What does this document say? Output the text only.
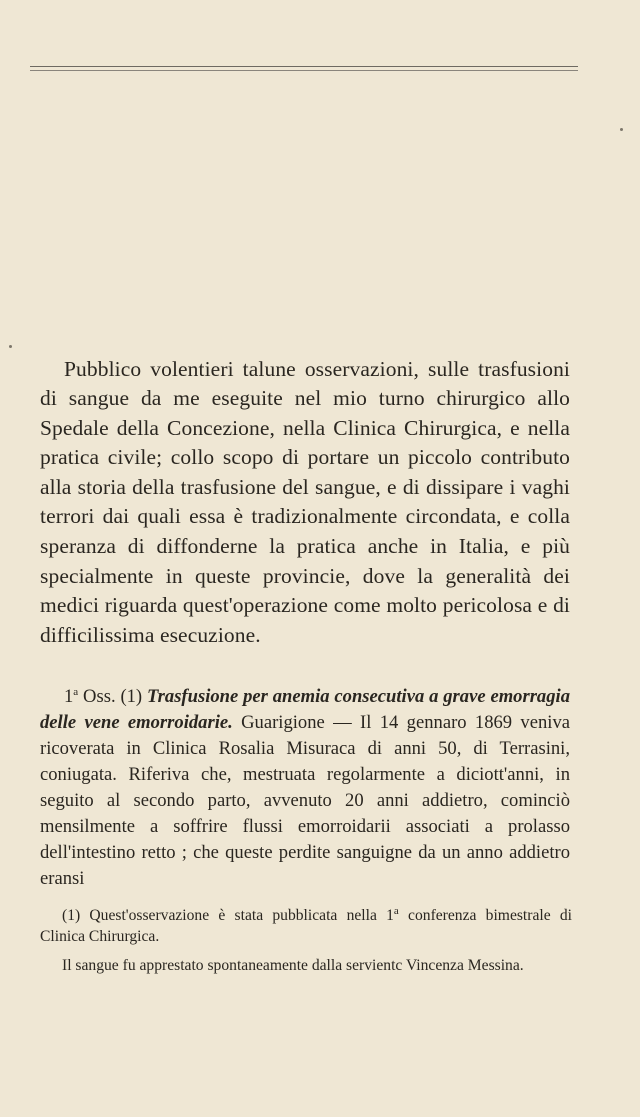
Pubblico volentieri talune osservazioni, sulle trasfusioni di sangue da me eseguite nel mio turno chirurgico allo Spedale della Concezione, nella Clinica Chirurgica, e nella pratica civile; collo scopo di portare un piccolo contributo alla storia della trasfusione del sangue, e di dissipare i vaghi terrori dai quali essa è tradizionalmente circondata, e colla speranza di diffonderne la pratica anche in Italia, e più specialmente in queste provincie, dove la generalità dei medici riguarda quest'operazione come molto pericolosa e di difficilissima esecuzione.

1$^a$ Oss. (1) Trasfusione per anemia consecutiva a grave emorragia delle vene emorroidarie. Guarigione — Il 14 gennaro 1869 veniva ricoverata in Clinica Rosalia Misuraca di anni 50, di Terrasini, coniugata. Riferiva che, mestruata regolarmente a diciott'anni, in seguito al secondo parto, avvenuto 20 anni addietro, cominciò mensilmente a soffrire flussi emorroidarii associati a prolasso dell'intestino retto ; che queste perdite sanguigne da un anno addietro eransi

(1) Quest'osservazione è stata pubblicata nella 1$^a$ conferenza bimestrale di Clinica Chirurgica.

Il sangue fu apprestato spontaneamente dalla servientc Vincenza Messina.
